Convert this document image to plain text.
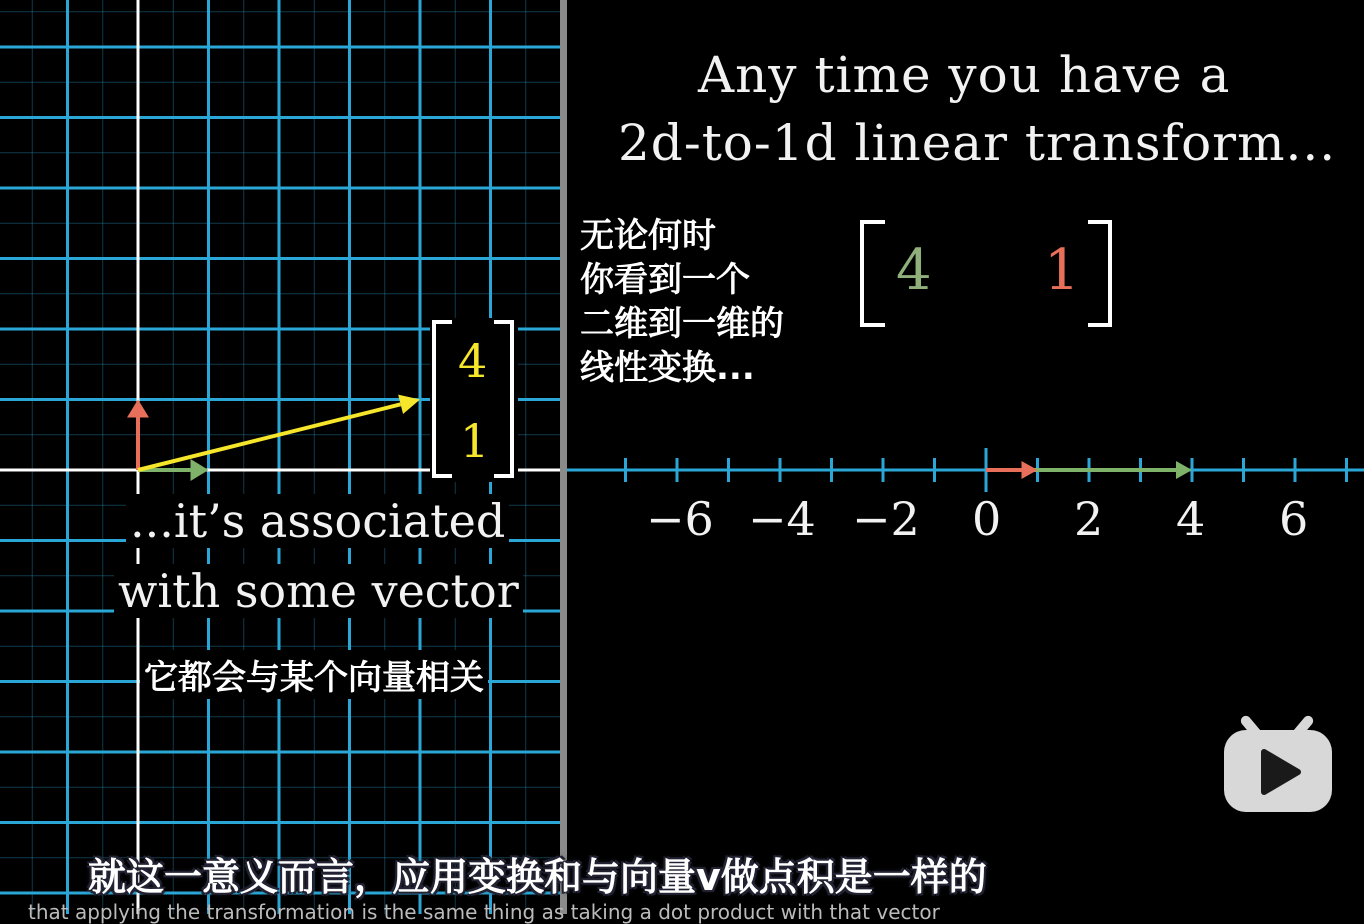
Any time you have a
2d-to-1d linear transform...
无论何时
你看到一个
二维到一维的
线性变换...
4 1
4
1
−6 −4 −2 0 2 4 6
...it’s associated
with some vector
它都会与某个向量相关
就这一意义而言，应用变换和与向量v做点积是一样的
that applying the transformation is the same thing as taking a dot product with that vector
